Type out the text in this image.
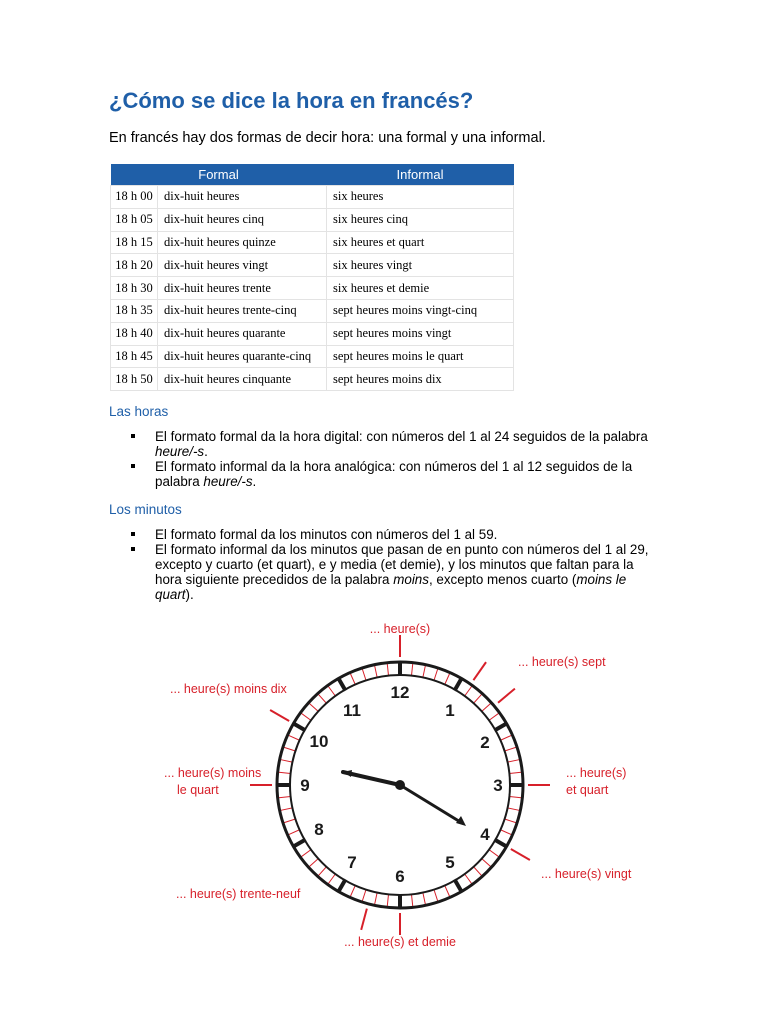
¿Cómo se dice la hora en francés?

En francés hay dos formas de decir hora: una formal y una informal.

Formal		Informal
18 h 00	dix-huit heures	six heures
18 h 05	dix-huit heures cinq	six heures cinq
18 h 15	dix-huit heures quinze	six heures et quart
18 h 20	dix-huit heures vingt	six heures vingt
18 h 30	dix-huit heures trente	six heures et demie
18 h 35	dix-huit heures trente-cinq	sept heures moins vingt-cinq
18 h 40	dix-huit heures quarante	sept heures moins vingt
18 h 45	dix-huit heures quarante-cinq	sept heures moins le quart
18 h 50	dix-huit heures cinquante	sept heures moins dix

Las horas

El formato formal da la hora digital: con números del 1 al 24 seguidos de la palabra heure/-s.
El formato informal da la hora analógica: con números del 1 al 12 seguidos de la palabra heure/-s.

Los minutos

El formato formal da los minutos con números del 1 al 59.
El formato informal da los minutos que pasan de en punto con números del 1 al 29, excepto y cuarto (et quart), e y media (et demie), y los minutos que faltan para la hora siguiente precedidos de la palabra moins, excepto menos cuarto (moins le quart).
12
1
2
3
4
5
6
7
8
9
10
11
... heure(s)
... heure(s) sept
... heure(s) moins dix
... heure(s) moins
le quart
... heure(s)
et quart
... heure(s) vingt
... heure(s) trente-neuf
... heure(s) et demie
